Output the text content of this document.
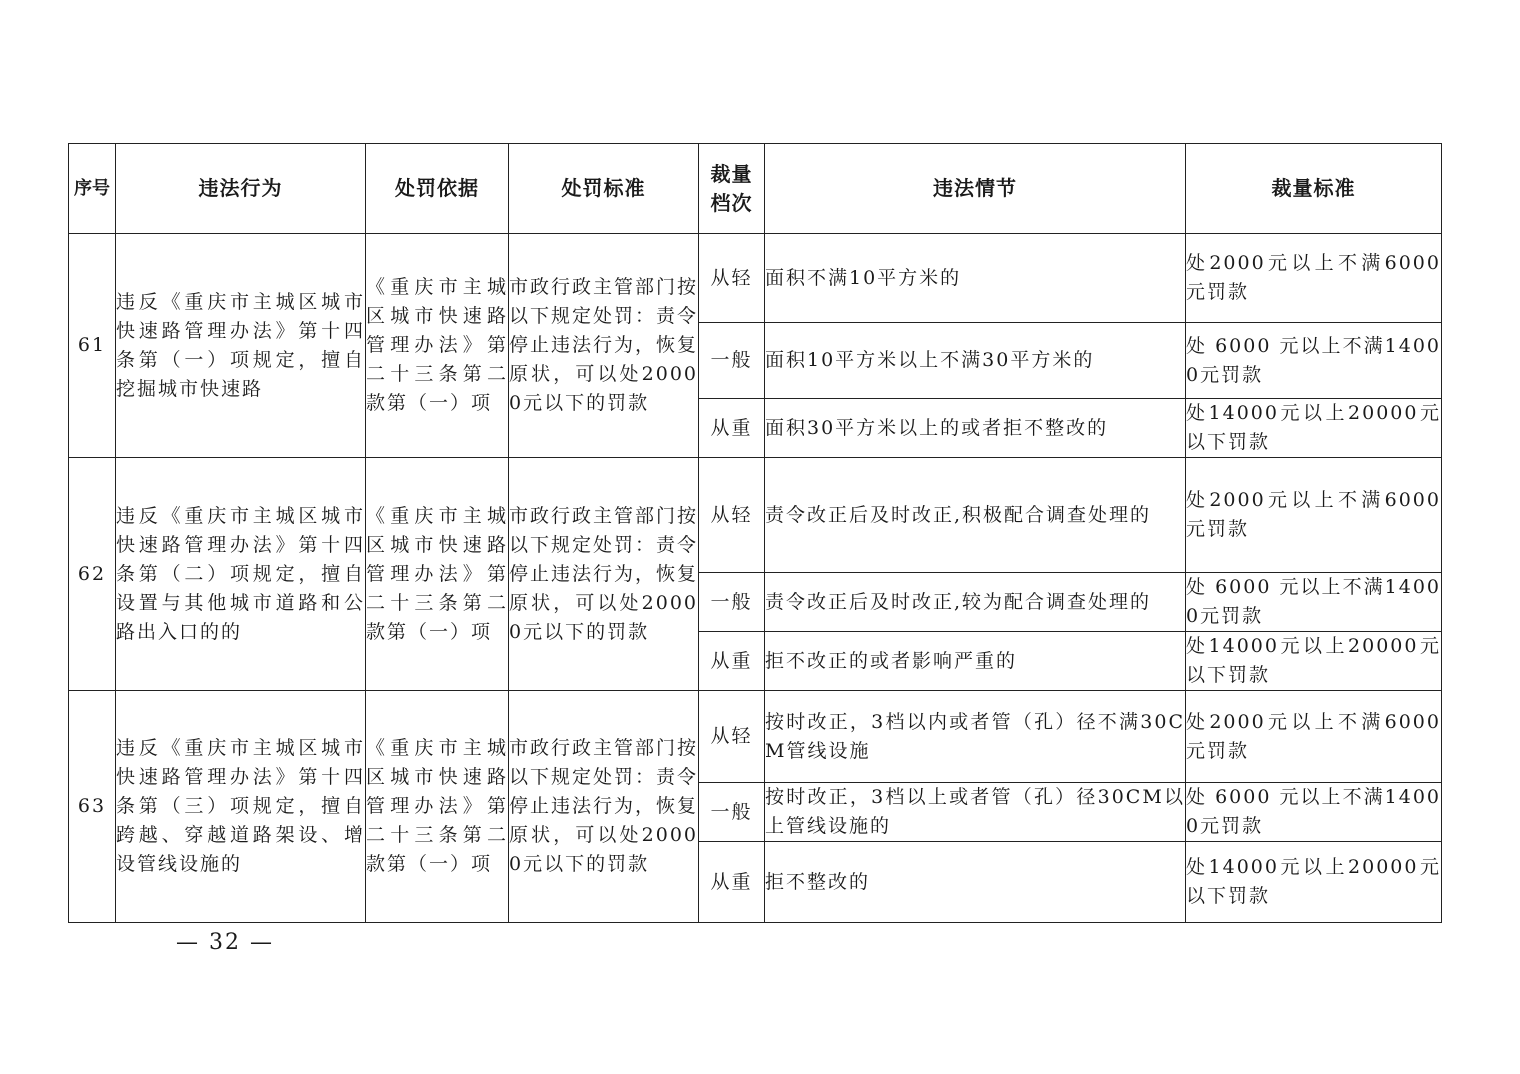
序号	违法行为	处罚依据	处罚标准	裁量档次	违法情节	裁量标准
61	违反《重庆市主城区城市快速路管理办法》第十四条第（一）项规定，擅自挖掘城市快速路	《重庆市主城区城市快速路管理办法》第二十三条第二款第（一）项	市政行政主管部门按以下规定处罚：责令停止违法行为，恢复原状，可以处20000元以下的罚款	从轻	面积不满10平方米的	处2000元以上不满6000元罚款
				一般	面积10平方米以上不满30平方米的	处 6000 元以上不满14000元罚款
				从重	面积30平方米以上的或者拒不整改的	处14000元以上20000元以下罚款
62	违反《重庆市主城区城市快速路管理办法》第十四条第（二）项规定，擅自设置与其他城市道路和公路出入口的的	《重庆市主城区城市快速路管理办法》第二十三条第二款第（一）项	市政行政主管部门按以下规定处罚：责令停止违法行为，恢复原状，可以处20000元以下的罚款	从轻	责令改正后及时改正,积极配合调查处理的	处2000元以上不满6000元罚款
				一般	责令改正后及时改正,较为配合调查处理的	处 6000 元以上不满14000元罚款
				从重	拒不改正的或者影响严重的	处14000元以上20000元以下罚款
63	违反《重庆市主城区城市快速路管理办法》第十四条第（三）项规定，擅自跨越、穿越道路架设、增设管线设施的	《重庆市主城区城市快速路管理办法》第二十三条第二款第（一）项	市政行政主管部门按以下规定处罚：责令停止违法行为，恢复原状，可以处20000元以下的罚款	从轻	按时改正，3档以内或者管（孔）径不满30CM管线设施	处2000元以上不满6000元罚款
				一般	按时改正，3档以上或者管（孔）径30CM以上管线设施的	处 6000 元以上不满14000元罚款
				从重	拒不整改的	处14000元以上20000元以下罚款
— 32 —
